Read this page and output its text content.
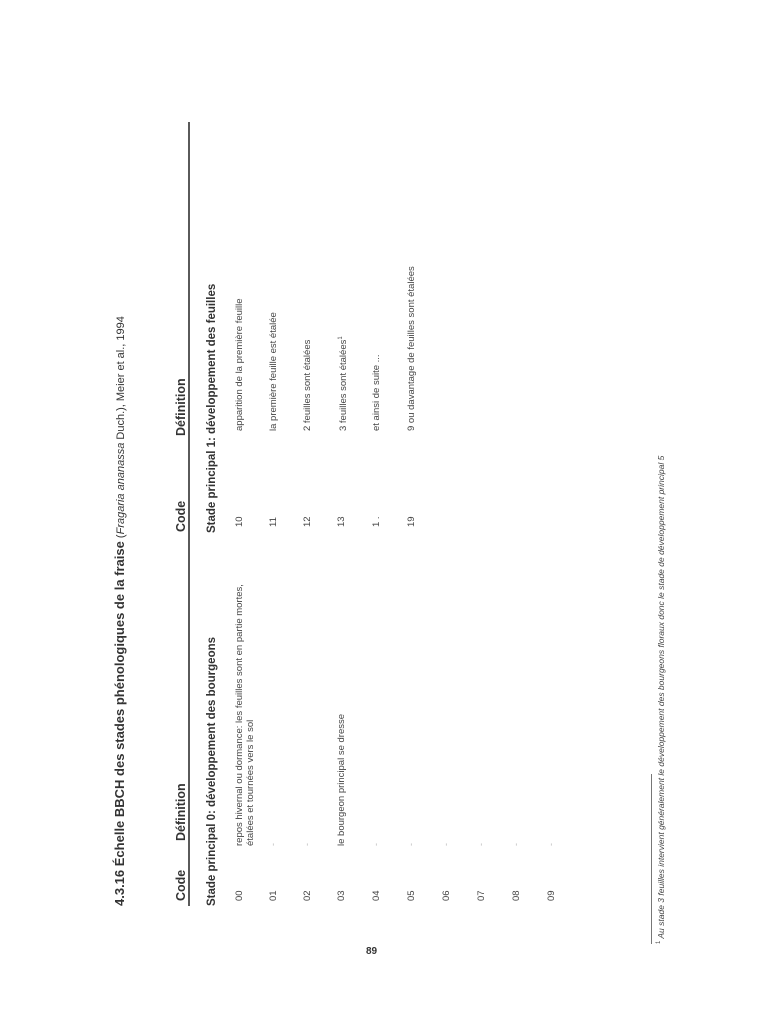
4.3.16 Échelle BBCH des stades phénologiques de la fraise (Fragaria ananassa Duch.), Meier et al., 1994
Code
Définition
Code
Définition
Stade principal 0: développement des bourgeons
Stade principal 1: développement des feuilles
00
repos hivernal ou dormance: les feuilles sont en partie mortes, étalées et tournées vers le sol
01
-
02
-
03
le bourgeon principal se dresse
04
-
05
-
06
-
07
-
08
-
09
-
10
apparition de la première feuille
11
la première feuille est étalée
12
2 feuilles sont étalées
13
3 feuilles sont étalées$^1$
1 .
et ainsi de suite ...
19
9 ou davantage de feuilles sont étalées
$^1$ Au stade 3 feuilles intervient généralement le développement des bourgeons floraux donc le stade de développement principal 5
89
